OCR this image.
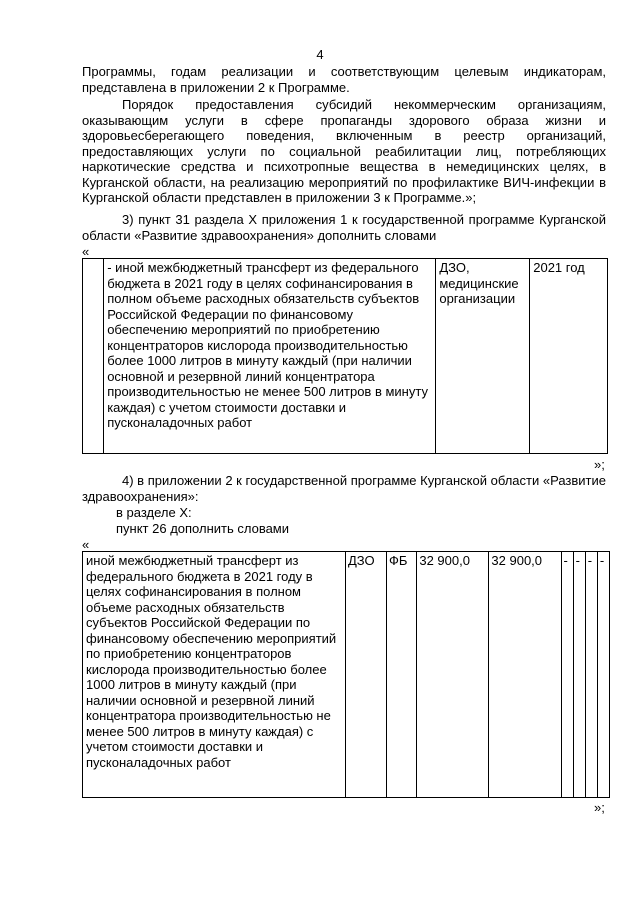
4

Программы, годам реализации и соответствующим целевым индикаторам, представлена в приложении 2 к Программе.

Порядок предоставления субсидий некоммерческим организациям, оказывающим услуги в сфере пропаганды здорового образа жизни и здоровьесберегающего поведения, включенным в реестр организаций, предоставляющих услуги по социальной реабилитации лиц, потребляющих наркотические средства и психотропные вещества в немедицинских целях, в Курганской области, на реализацию мероприятий по профилактике ВИЧ-инфекции в Курганской области представлен в приложении 3 к Программе.»;

3) пункт 31 раздела X приложения 1 к государственной программе Курганской области «Развитие здравоохранения» дополнить словами

«
	- иной межбюджетный трансферт из федерального бюджета в 2021 году в целях софинансирования в полном объеме расходных обязательств субъектов Российской Федерации по финансовому обеспечению мероприятий по приобретению концентраторов кислорода производительностью более 1000 литров в минуту каждый (при наличии основной и резервной линий концентратора производительностью не менее 500 литров в минуту каждая) с учетом стоимости доставки и пусконаладочных работ	ДЗО, медицинские организации	2021 год
»;

4) в приложении 2 к государственной программе Курганской области «Развитие здравоохранения»:

в разделе X:
пункт 26 дополнить словами
«
иной межбюджетный трансферт из федерального бюджета в 2021 году в целях софинансирования в полном объеме расходных обязательств субъектов Российской Федерации по финансовому обеспечению мероприятий по приобретению концентраторов кислорода производительностью более 1000 литров в минуту каждый (при наличии основной и резервной линий концентратора производительностью не менее 500 литров в минуту каждая) с учетом стоимости доставки и пусконаладочных работ	ДЗО	ФБ	32 900,0	32 900,0	-	-	-	-
»;
